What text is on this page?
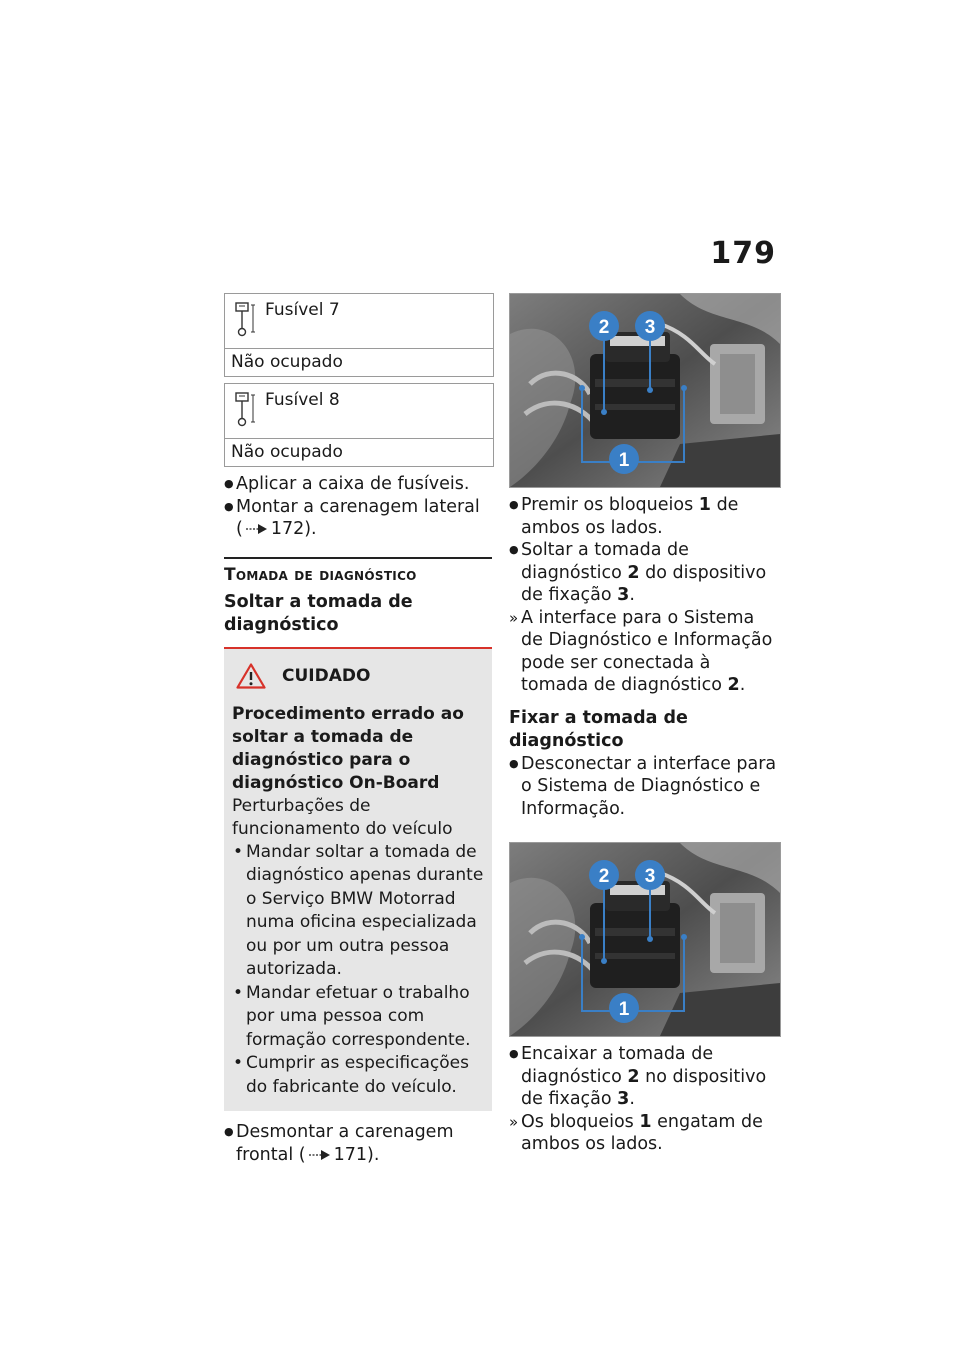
179
Fusível 7
Não ocupado
Fusível 8
Não ocupado
● Aplicar a caixa de fusíveis.
● Montar a carenagem lateral
( 172).
Tomada de diagnóstico
Soltar a tomada de diagnóstico
CUIDADO
Procedimento errado ao soltar a tomada de diagnóstico para o diagnóstico On-Board
Perturbações de funcionamento do veículo
• Mandar soltar a tomada de diagnóstico apenas durante o Serviço BMW Motorrad numa oficina especializada ou por um outra pessoa autorizada.
• Mandar efetuar o trabalho por uma pessoa com formação correspondente.
• Cumprir as especificações do fabricante do veículo.
● Desmontar a carenagem frontal ( 171).
2 3
1
● Premir os bloqueios 1 de ambos os lados.
● Soltar a tomada de diagnóstico 2 do dispositivo de fixação 3.
» A interface para o Sistema de Diagnóstico e Informação pode ser conectada à tomada de diagnóstico 2.
Fixar a tomada de diagnóstico
● Desconectar a interface para o Sistema de Diagnóstico e Informação.
2 3
1
● Encaixar a tomada de diagnóstico 2 no dispositivo de fixação 3.
» Os bloqueios 1 engatam de ambos os lados.
